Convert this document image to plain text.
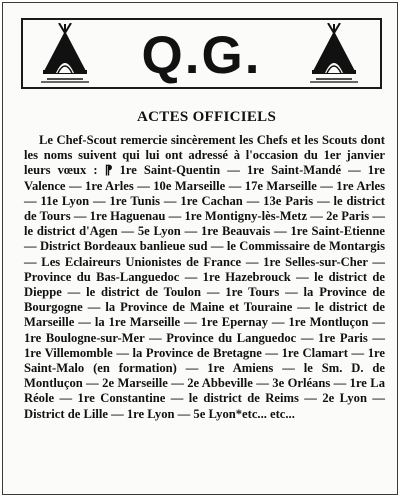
Q.G.
ACTES OFFICIELS

Le Chef-Scout remercie sincèrement les Chefs et les Scouts dont les noms suivent qui lui ont adressé à l'occasion du 1er janvier leurs vœux : ⁋ 1re Saint-Quentin — 1re Saint-Mandé — 1re Valence — 1re Arles — 10e Marseille — 17e Marseille — 1re Arles — 11e Lyon — 1re Tunis — 1re Cachan — 13e Paris — le district de Tours — 1re Haguenau — 1re Montigny-lès-Metz — 2e Paris — le district d'Agen — 5e Lyon — 1re Beauvais — 1re Saint-Etienne — District Bordeaux banlieue sud — le Commissaire de Montargis — Les Eclaireurs Unionistes de France — 1re Selles-sur-Cher — Province du Bas-Languedoc — 1re Hazebrouck — le district de Dieppe — le district de Toulon — 1re Tours — la Province de Bourgogne — la Province de Maine et Touraine — le district de Marseille — la 1re Marseille — 1re Epernay — 1re Montluçon — 1re Boulogne-sur-Mer — Province du Languedoc — 1re Paris — 1re Villemomble — la Province de Bretagne — 1re Clamart — 1re Saint-Malo (en formation) — 1re Amiens — le Sm. D. de Montluçon — 2e Marseille — 2e Abbeville — 3e Orléans — 1re La Réole — 1re Constantine — le district de Reims — 2e Lyon — District de Lille — 1re Lyon — 5e Lyon*etc... etc...
